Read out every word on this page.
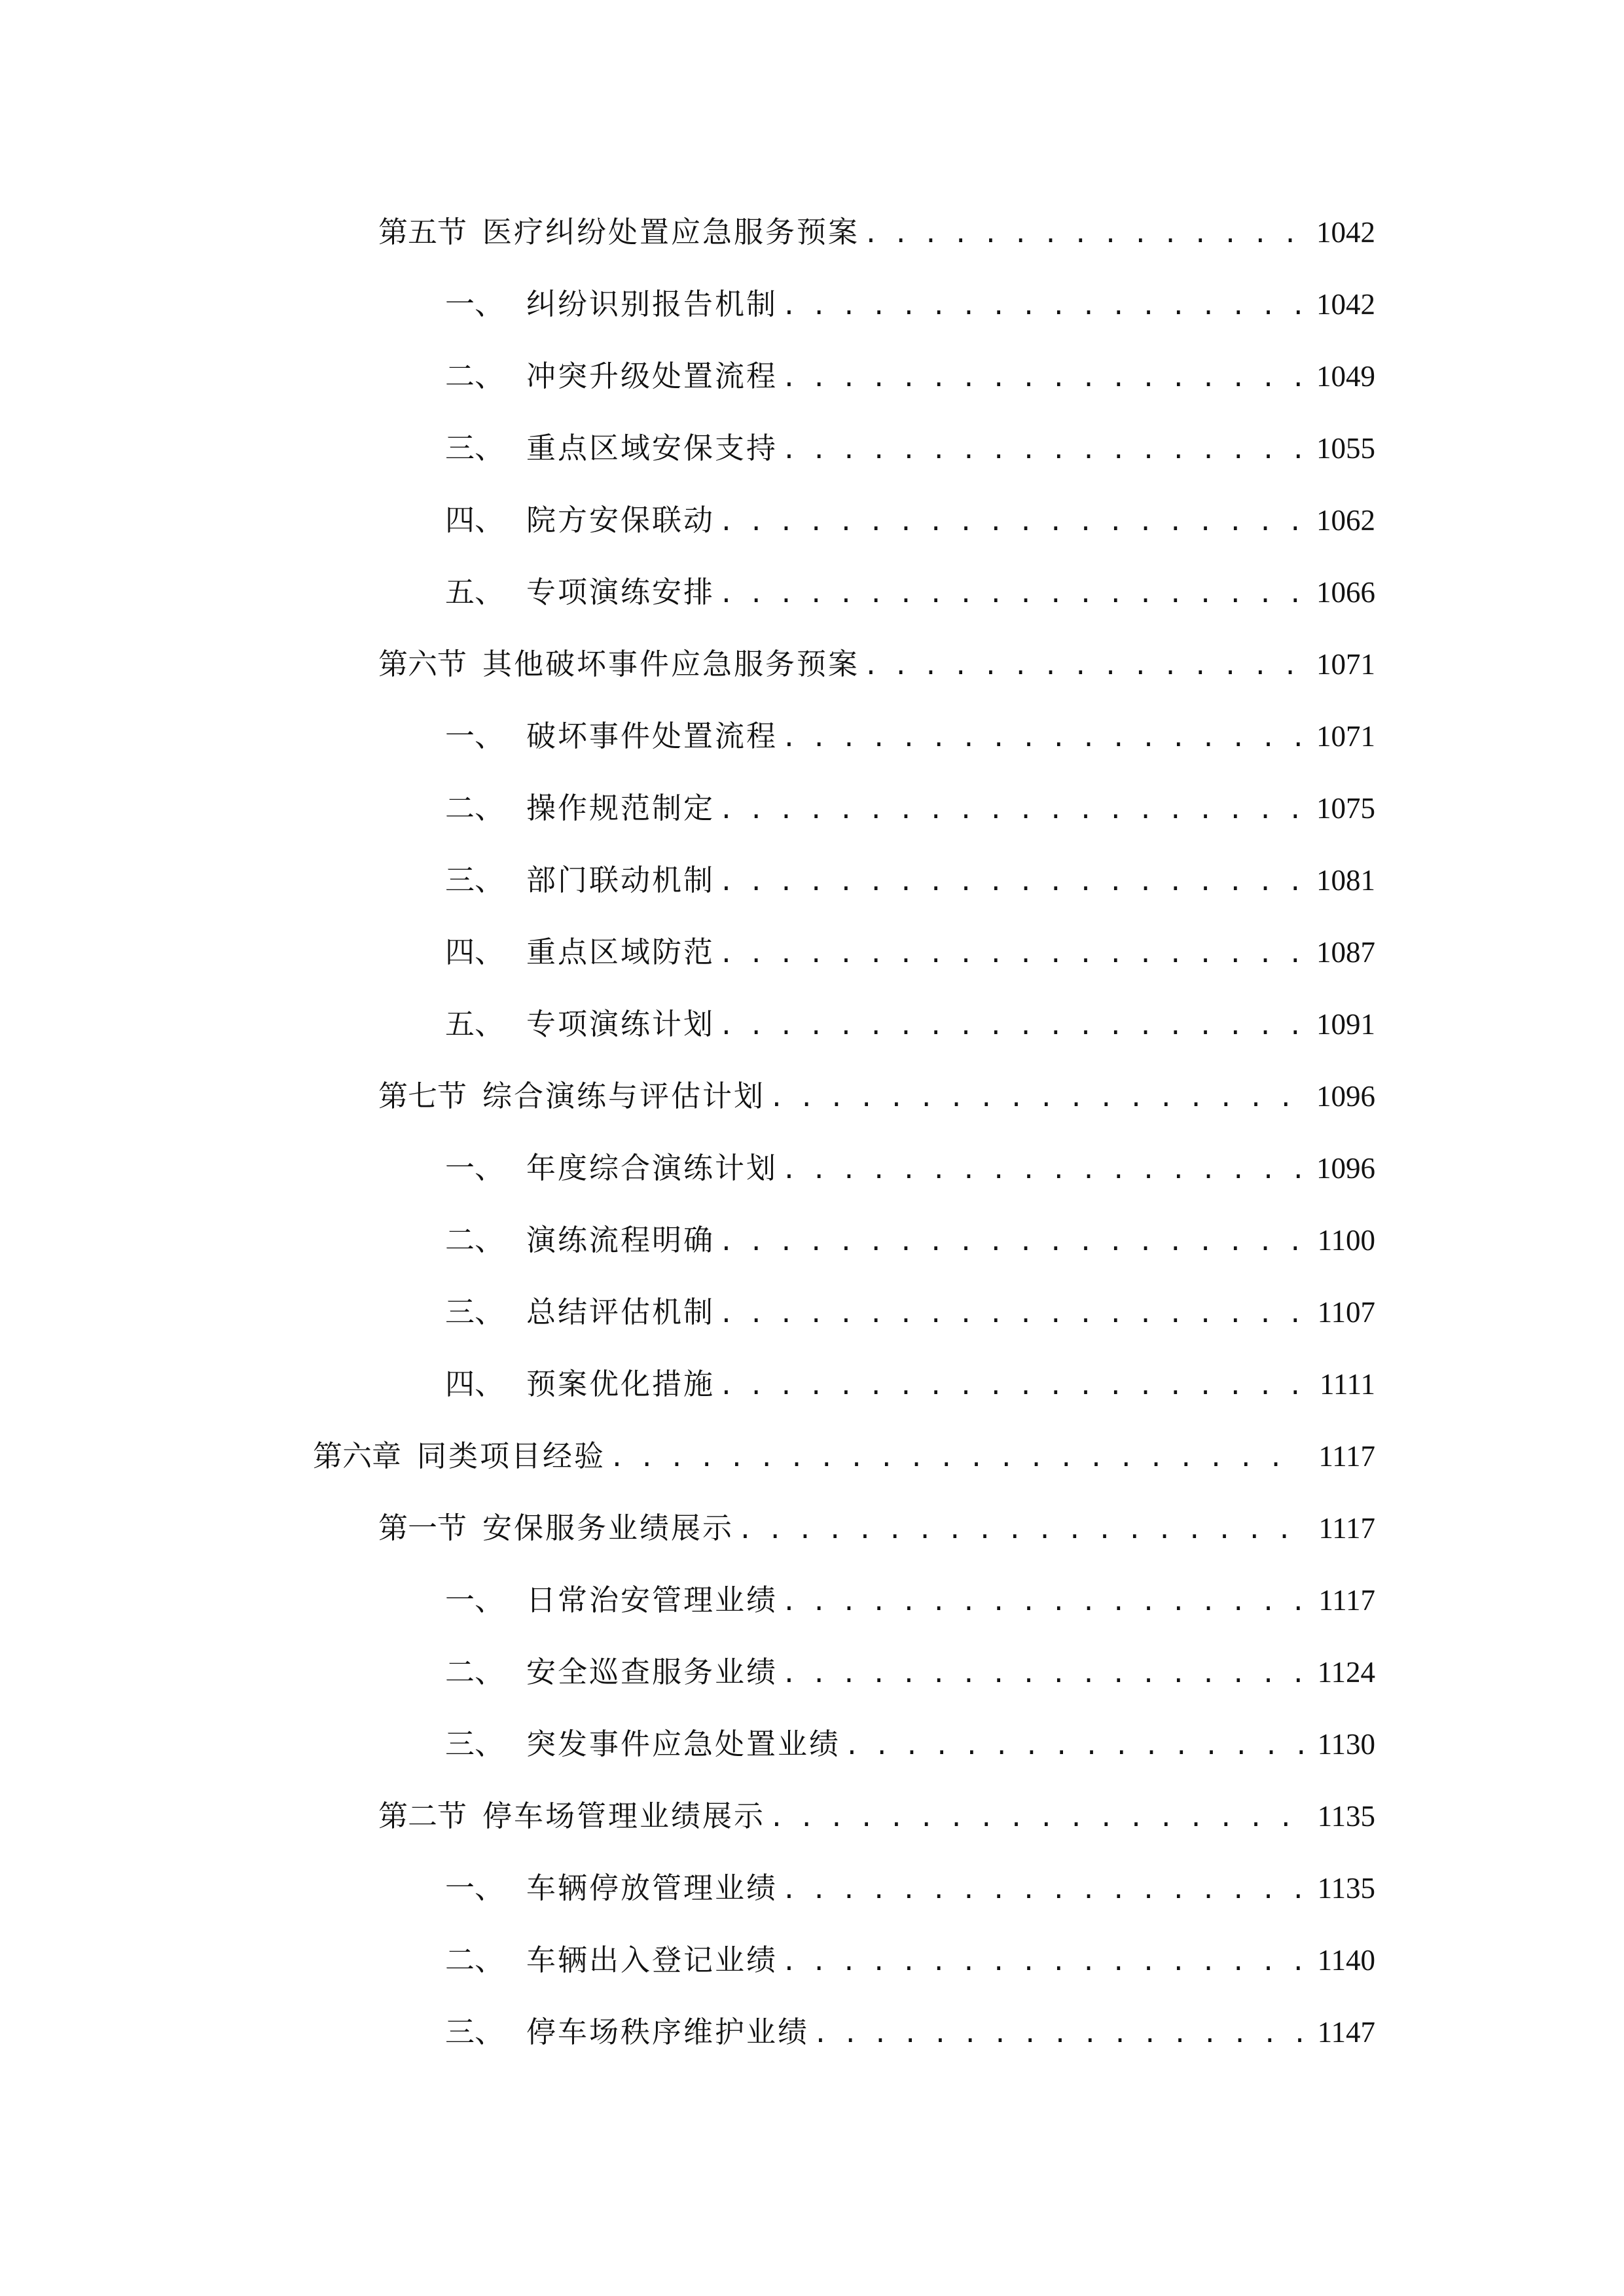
第五节 医疗纠纷处置应急服务预案 . . .	1042
一、 纠纷识别报告机制 . . .	1042
二、 冲突升级处置流程 . . .	1049
三、 重点区域安保支持 . . .	1055
四、 院方安保联动 . . .	1062
五、 专项演练安排 . . .	1066
第六节 其他破坏事件应急服务预案 . . .	1071
一、 破坏事件处置流程 . . .	1071
二、 操作规范制定 . . .	1075
三、 部门联动机制 . . .	1081
四、 重点区域防范 . . .	1087
五、 专项演练计划 . . .	1091
第七节 综合演练与评估计划 . . .	1096
一、 年度综合演练计划 . . .	1096
二、 演练流程明确 . . .	1100
三、 总结评估机制 . . .	1107
四、 预案优化措施 . . .	1111
第六章 同类项目经验 . . .	1117
第一节 安保服务业绩展示 . . .	1117
一、 日常治安管理业绩 . . .	1117
二、 安全巡查服务业绩 . . .	1124
三、 突发事件应急处置业绩 . . .	1130
第二节 停车场管理业绩展示 . . .	1135
一、 车辆停放管理业绩 . . .	1135
二、 车辆出入登记业绩 . . .	1140
三、 停车场秩序维护业绩 . . .	1147
